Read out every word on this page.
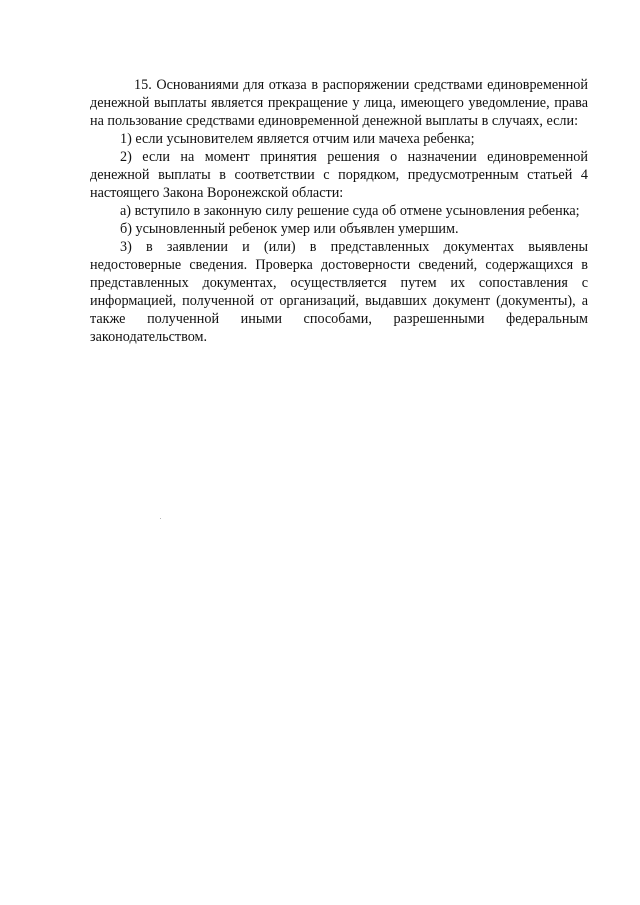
15. Основаниями для отказа в распоряжении средствами единовременной денежной выплаты является прекращение у лица, имеющего уведомление, права на пользование средствами единовременной денежной выплаты в случаях, если:

1) если усыновителем является отчим или мачеха ребенка;

2) если на момент принятия решения о назначении единовременной денежной выплаты в соответствии с порядком, предусмотренным статьей 4 настоящего Закона Воронежской области:

а) вступило в законную силу решение суда об отмене усыновления ребенка;

б) усыновленный ребенок умер или объявлен умершим.

3) в заявлении и (или) в представленных документах выявлены недостоверные сведения. Проверка достоверности сведений, содержащихся в представленных документах, осуществляется путем их сопоставления с информацией, полученной от организаций, выдавших документ (документы), а также полученной иными способами, разрешенными федеральным законодательством.
